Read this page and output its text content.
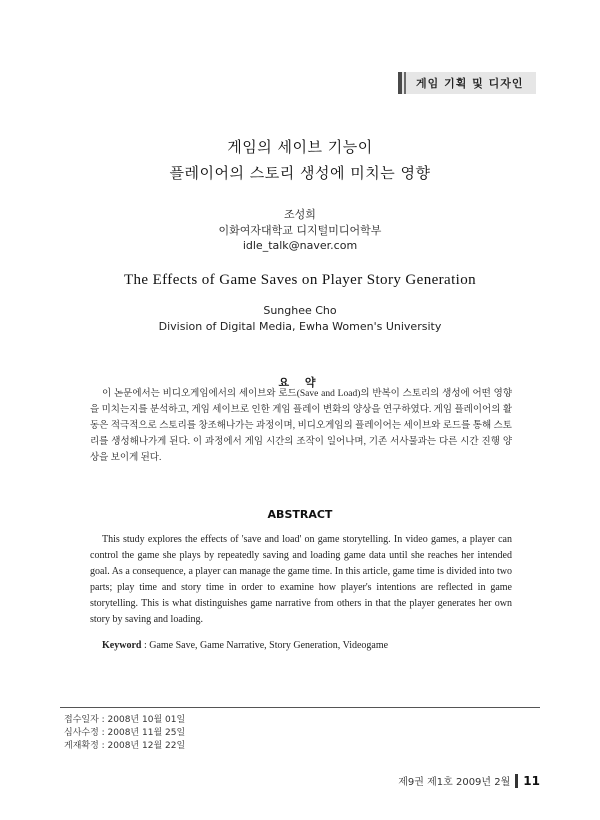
게임 기획 및 디자인
게임의 세이브 기능이
플레이어의 스토리 생성에 미치는 영향
조성희
이화여자대학교 디지털미디어학부
idle_talk@naver.com
The Effects of Game Saves on Player Story Generation
Sunghee Cho
Division of Digital Media, Ewha Women's University
요 약
이 논문에서는 비디오게임에서의 세이브와 로드(Save and Load)의 반복이 스토리의 생성에 어떤 영향을 미치는지를 분석하고, 게임 세이브로 인한 게임 플레이 변화의 양상을 연구하였다. 게임 플레이어의 활동은 적극적으로 스토리를 창조해나가는 과정이며, 비디오게임의 플레이어는 세이브와 로드를 통해 스토리를 생성해나가게 된다. 이 과정에서 게임 시간의 조작이 일어나며, 기존 서사물과는 다른 시간 진행 양상을 보이게 된다.
ABSTRACT
This study explores the effects of 'save and load' on game storytelling. In video games, a player can control the game she plays by repeatedly saving and loading game data until she reaches her intended goal. As a consequence, a player can manage the game time. In this article, game time is divided into two parts; play time and story time in order to examine how player's intentions are reflected in game storytelling. This is what distinguishes game narrative from others in that the player generates her own story by saving and loading.
Keyword : Game Save, Game Narrative, Story Generation, Videogame
접수일자 : 2008년 10월 01일
심사수정 : 2008년 11월 25일
게재확정 : 2008년 12월 22일
제9권 제1호 2009년 2월 11
